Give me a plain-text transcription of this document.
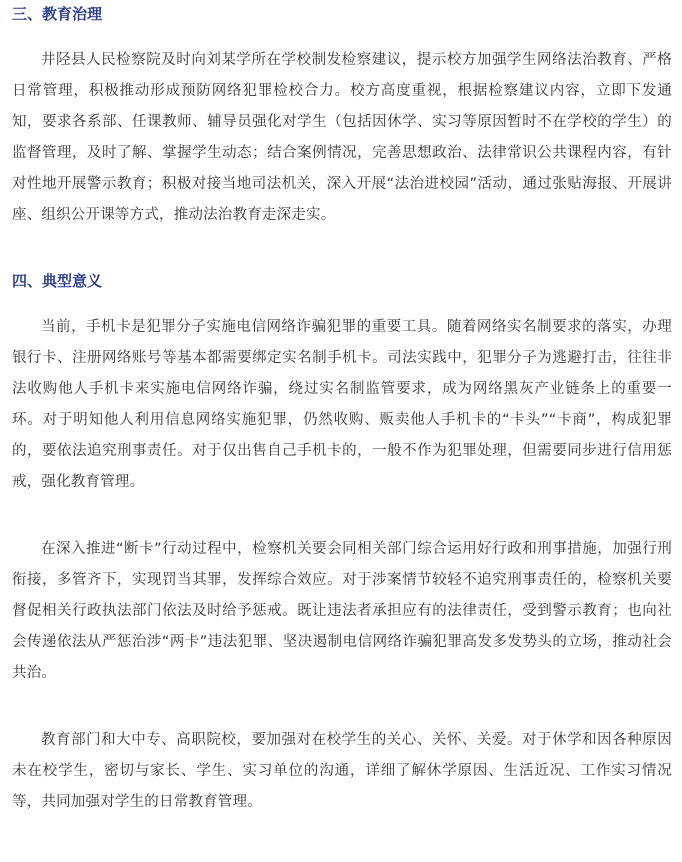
三、教育治理

井陉县人民检察院及时向刘某学所在学校制发检察建议，提示校方加强学生网络法治教育、严格日常管理，积极推动形成预防网络犯罪检校合力。校方高度重视，根据检察建议内容，立即下发通知，要求各系部、任课教师、辅导员强化对学生（包括因休学、实习等原因暂时不在学校的学生）的监督管理，及时了解、掌握学生动态；结合案例情况，完善思想政治、法律常识公共课程内容，有针对性地开展警示教育；积极对接当地司法机关，深入开展“法治进校园”活动，通过张贴海报、开展讲座、组织公开课等方式，推动法治教育走深走实。

四、典型意义

当前，手机卡是犯罪分子实施电信网络诈骗犯罪的重要工具。随着网络实名制要求的落实，办理银行卡、注册网络账号等基本都需要绑定实名制手机卡。司法实践中，犯罪分子为逃避打击，往往非法收购他人手机卡来实施电信网络诈骗，绕过实名制监管要求，成为网络黑灰产业链条上的重要一环。对于明知他人利用信息网络实施犯罪，仍然收购、贩卖他人手机卡的“卡头”“卡商”，构成犯罪的，要依法追究刑事责任。对于仅出售自己手机卡的，一般不作为犯罪处理，但需要同步进行信用惩戒，强化教育管理。

在深入推进“断卡”行动过程中，检察机关要会同相关部门综合运用好行政和刑事措施，加强行刑衔接，多管齐下，实现罚当其罪，发挥综合效应。对于涉案情节较轻不追究刑事责任的，检察机关要督促相关行政执法部门依法及时给予惩戒。既让违法者承担应有的法律责任，受到警示教育；也向社会传递依法从严惩治涉“两卡”违法犯罪、坚决遏制电信网络诈骗犯罪高发多发势头的立场，推动社会共治。

教育部门和大中专、高职院校，要加强对在校学生的关心、关怀、关爱。对于休学和因各种原因未在校学生，密切与家长、学生、实习单位的沟通，详细了解休学原因、生活近况、工作实习情况等，共同加强对学生的日常教育管理。
